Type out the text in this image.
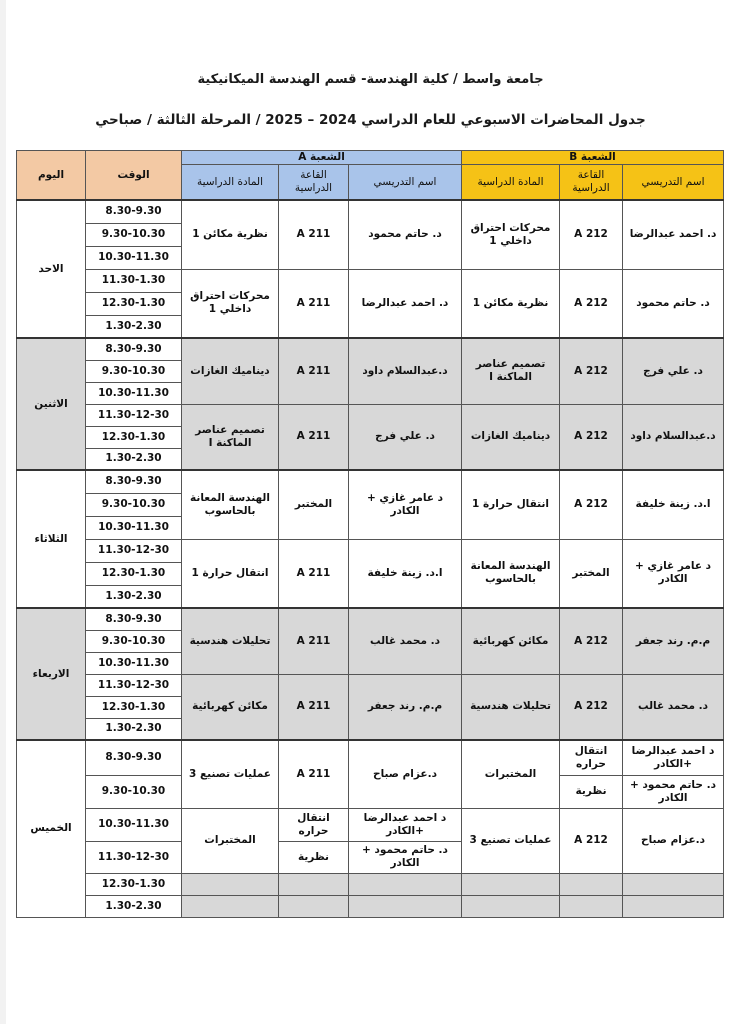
جامعة واسط / كلية الهندسة- قسم الهندسة الميكانيكية
جدول المحاضرات الاسبوعي للعام الدراسي 2024 – 2025 / المرحلة الثالثة / صباحي
الشعبة B			الشعبة A			الوقت	اليوم
اسم التدريسي	القاعة الدراسية	المادة الدراسية	اسم التدريسي	القاعة الدراسية	المادة الدراسية		
د. احمد عبدالرضا	A 212	محركات احتراق داخلي 1	د. حاتم محمود	A 211	نظرية مكائن 1	8.30-9.30	الاحد
						9.30-10.30	
						10.30-11.30	
د. حاتم محمود	A 212	نظرية مكائن 1	د. احمد عبدالرضا	A 211	محركات احتراق داخلي 1	11.30-1.30	
						12.30-1.30	
						1.30-2.30	
د. علي فرج	A 212	تصميم عناصر الماكنة I	د.عبدالسلام داود	A 211	ديناميك الغازات	8.30-9.30	الاثنين
						9.30-10.30	
						10.30-11.30	
د.عبدالسلام داود	A 212	ديناميك الغازات	د. علي فرج	A 211	تصميم عناصر الماكنة I	11.30-12-30	
						12.30-1.30	
						1.30-2.30	
ا.د. زينة خليفة	A 212	انتقال حرارة 1	د عامر غازي + الكادر	المختبر	الهندسة المعانة بالحاسوب	8.30-9.30	الثلاثاء
						9.30-10.30	
						10.30-11.30	
د عامر غازي + الكادر	المختبر	الهندسة المعانة بالحاسوب	ا.د. زينة خليفة	A 211	انتقال حرارة 1	11.30-12-30	
						12.30-1.30	
						1.30-2.30	
م.م. رند جعفر	A 212	مكائن كهربائية	د. محمد غالب	A 211	تحليلات هندسية	8.30-9.30	الاربعاء
						9.30-10.30	
						10.30-11.30	
د. محمد غالب	A 212	تحليلات هندسية	م.م. رند جعفر	A 211	مكائن كهربائية	11.30-12-30	
						12.30-1.30	
						1.30-2.30	
د احمد عبدالرضا +الكادر	انتقال حراره	المختبرات	د.عزام صباح	A 211	عمليات تصنيع 3	8.30-9.30	الخميس
د. حاتم محمود + الكادر	نظرية					9.30-10.30	
د.عزام صباح	A 212	عمليات تصنيع 3	د احمد عبدالرضا +الكادر	انتقال حراره	المختبرات	10.30-11.30	
			د. حاتم محمود + الكادر	نظرية		11.30-12-30	
						12.30-1.30	
						1.30-2.30	
